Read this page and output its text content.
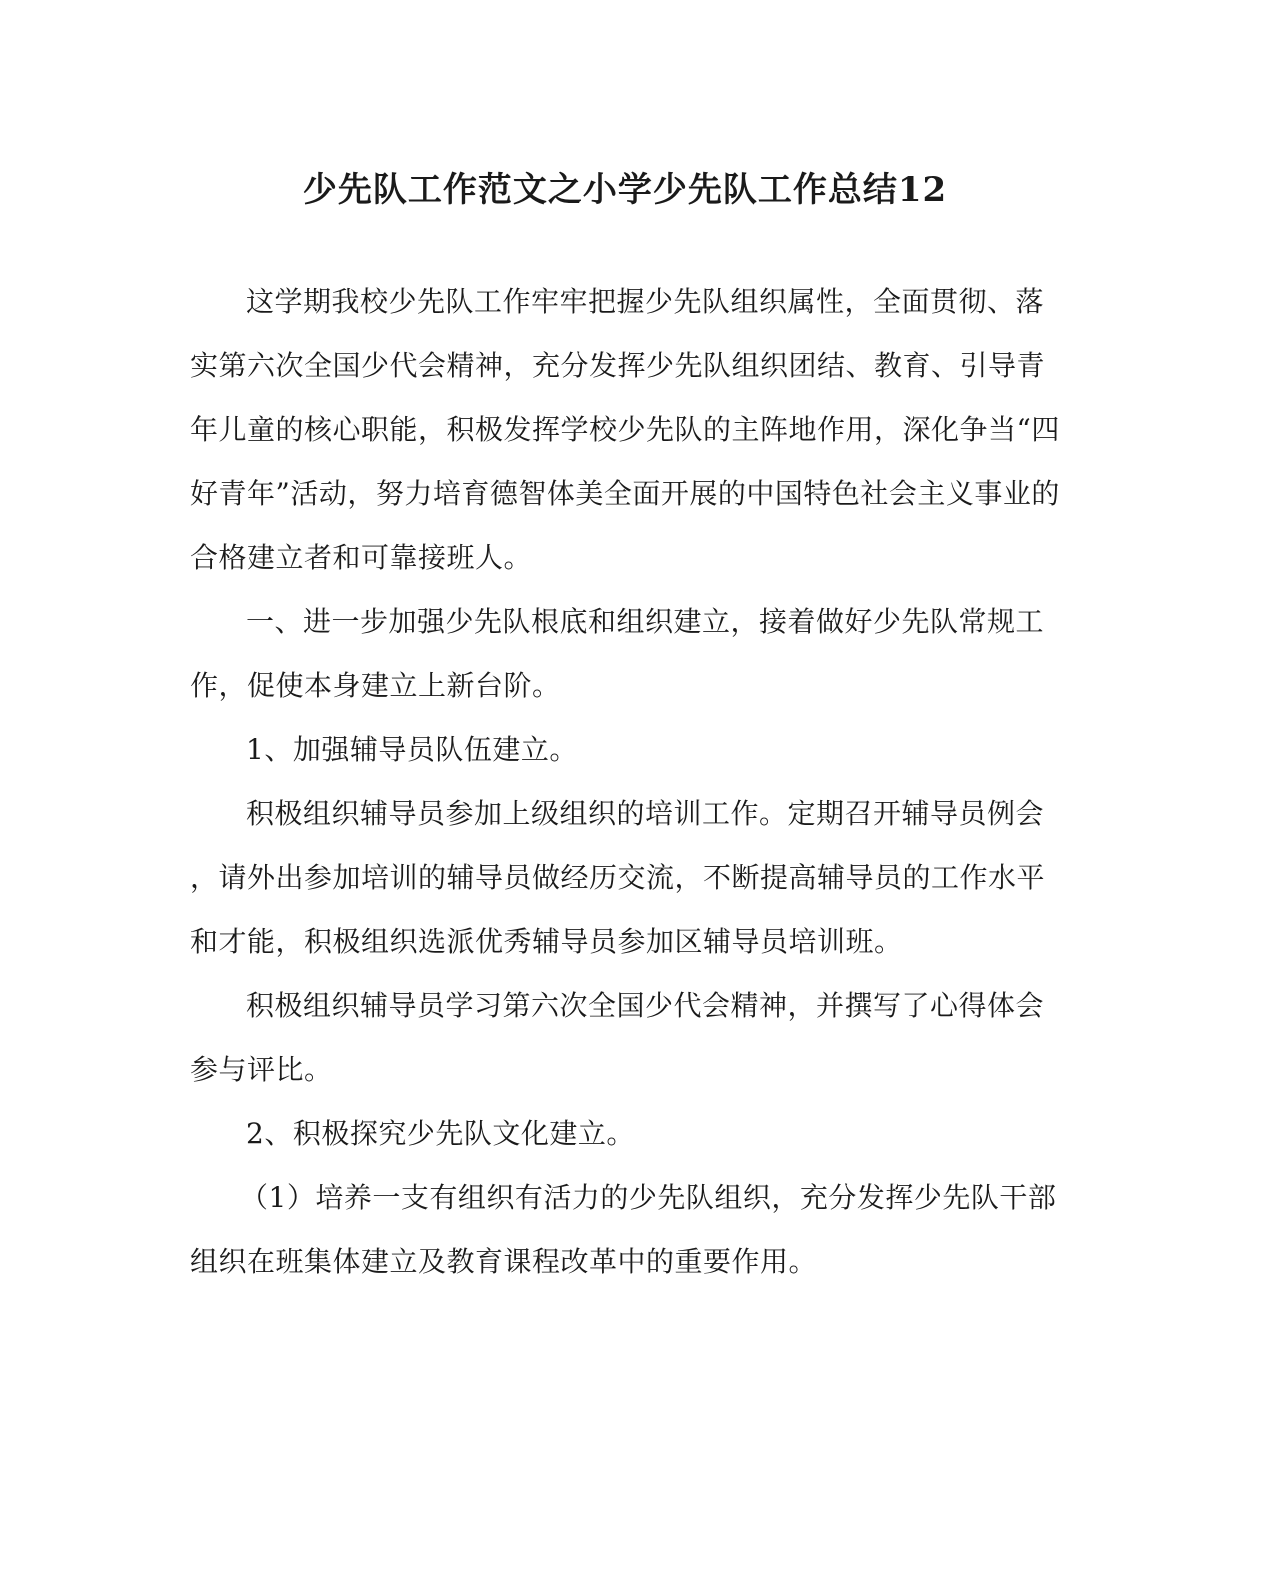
少先队工作范文之小学少先队工作总结12
这学期我校少先队工作牢牢把握少先队组织属性，全面贯彻、落
实第六次全国少代会精神，充分发挥少先队组织团结、教育、引导青
年儿童的核心职能，积极发挥学校少先队的主阵地作用，深化争当“四
好青年”活动，努力培育德智体美全面开展的中国特色社会主义事业的
合格建立者和可靠接班人。
一、进一步加强少先队根底和组织建立，接着做好少先队常规工
作，促使本身建立上新台阶。
1、加强辅导员队伍建立。
积极组织辅导员参加上级组织的培训工作。定期召开辅导员例会
，请外出参加培训的辅导员做经历交流，不断提高辅导员的工作水平
和才能，积极组织选派优秀辅导员参加区辅导员培训班。
积极组织辅导员学习第六次全国少代会精神，并撰写了心得体会
参与评比。
2、积极探究少先队文化建立。
（1）培养一支有组织有活力的少先队组织，充分发挥少先队干部
组织在班集体建立及教育课程改革中的重要作用。
